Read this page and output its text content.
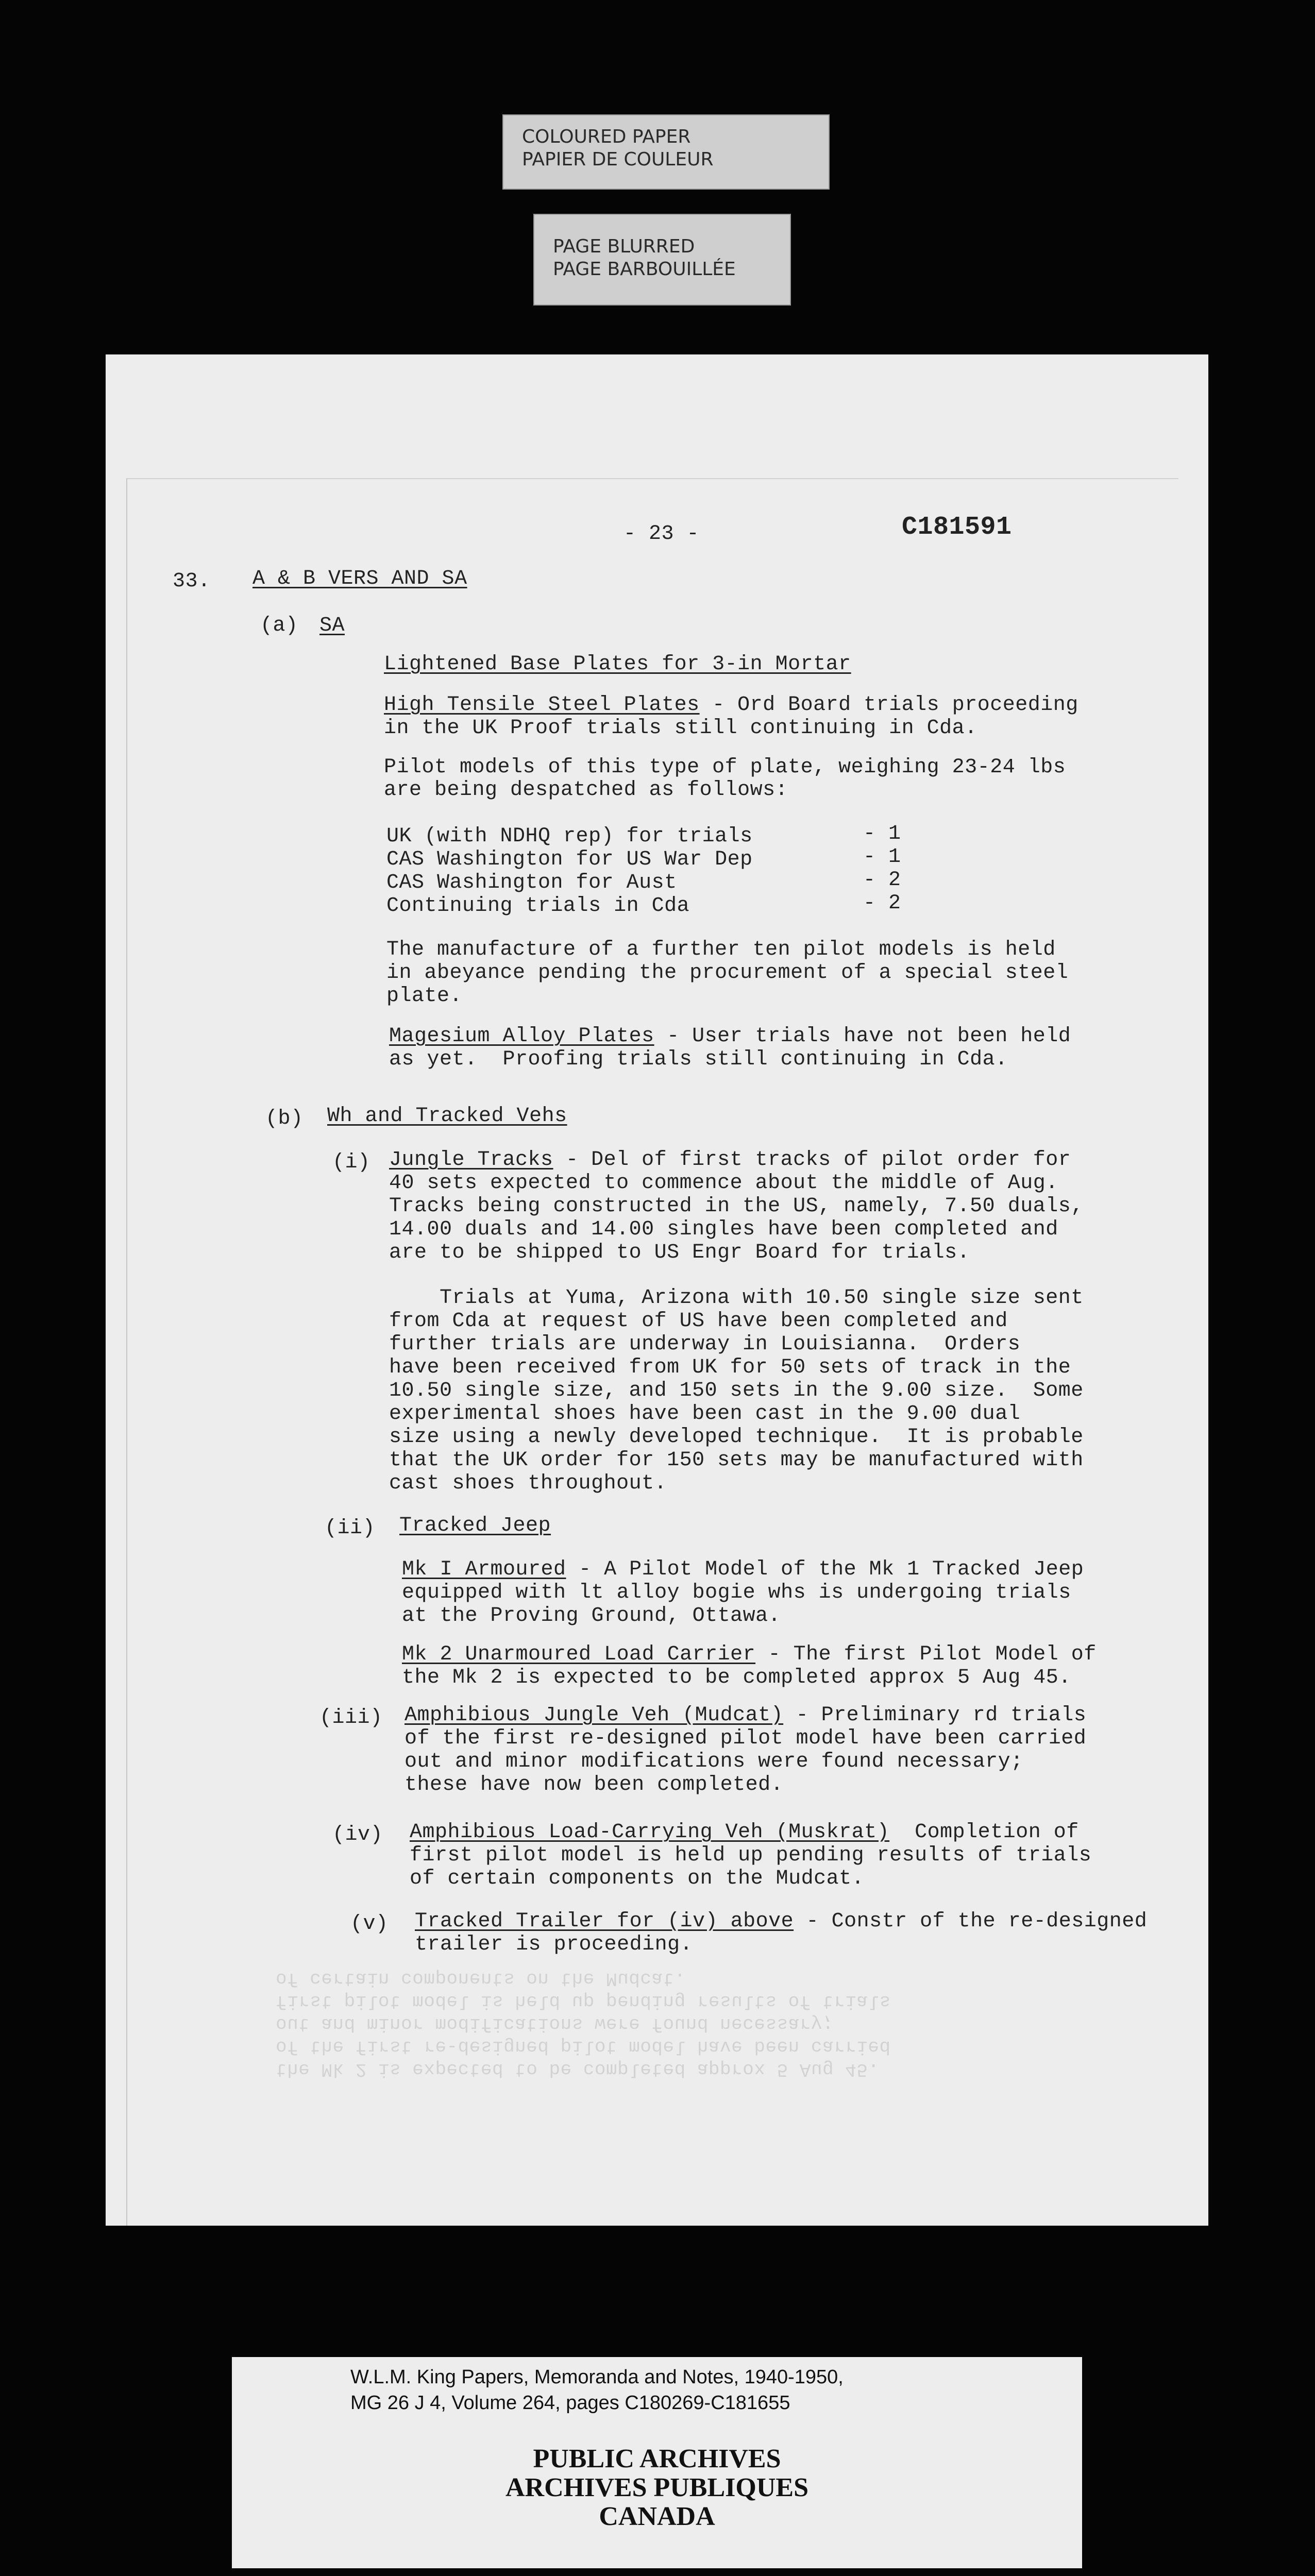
COLOURED PAPER
PAPIER DE COULEUR
PAGE BLURRED
PAGE BARBOUILLÉE
- 23 -	C181591
33. A & B VERS AND SA
(a) SA
Lightened Base Plates for 3-in Mortar
High Tensile Steel Plates - Ord Board trials proceeding
in the UK Proof trials still continuing in Cda.
Pilot models of this type of plate, weighing 23-24 lbs
are being despatched as follows:
UK (with NDHQ rep) for trials	- 1
CAS Washington for US War Dep	- 1
CAS Washington for Aust	- 2
Continuing trials in Cda	- 2
The manufacture of a further ten pilot models is held
in abeyance pending the procurement of a special steel
plate.
Magesium Alloy Plates - User trials have not been held
as yet.  Proofing trials still continuing in Cda.
(b) Wh and Tracked Vehs
(i) Jungle Tracks - Del of first tracks of pilot order for
40 sets expected to commence about the middle of Aug.
Tracks being constructed in the US, namely, 7.50 duals,
14.00 duals and 14.00 singles have been completed and
are to be shipped to US Engr Board for trials.
Trials at Yuma, Arizona with 10.50 single size sent
from Cda at request of US have been completed and
further trials are underway in Louisianna.  Orders
have been received from UK for 50 sets of track in the
10.50 single size, and 150 sets in the 9.00 size.  Some
experimental shoes have been cast in the 9.00 dual
size using a newly developed technique.  It is probable
that the UK order for 150 sets may be manufactured with
cast shoes throughout.
(ii) Tracked Jeep
Mk I Armoured - A Pilot Model of the Mk 1 Tracked Jeep
equipped with lt alloy bogie whs is undergoing trials
at the Proving Ground, Ottawa.
Mk 2 Unarmoured Load Carrier - The first Pilot Model of
the Mk 2 is expected to be completed approx 5 Aug 45.
(iii) Amphibious Jungle Veh (Mudcat) - Preliminary rd trials
of the first re-designed pilot model have been carried
out and minor modifications were found necessary;
these have now been completed.
(iv) Amphibious Load-Carrying Veh (Muskrat)  Completion of
first pilot model is held up pending results of trials
of certain components on the Mudcat.
(v) Tracked Trailer for (iv) above - Constr of the re-designed
trailer is proceeding.
the Mk 2 is expected to be completed approx 5 Aug 45.
of the first re-designed pilot model have been carried
out and minor modifications were found necessary;
first pilot model is held up pending results of trials
of certain components on the Mudcat.
W.L.M. King Papers, Memoranda and Notes, 1940-1950,
MG 26 J 4, Volume 264, pages C180269-C181655
PUBLIC ARCHIVES
ARCHIVES PUBLIQUES
CANADA
